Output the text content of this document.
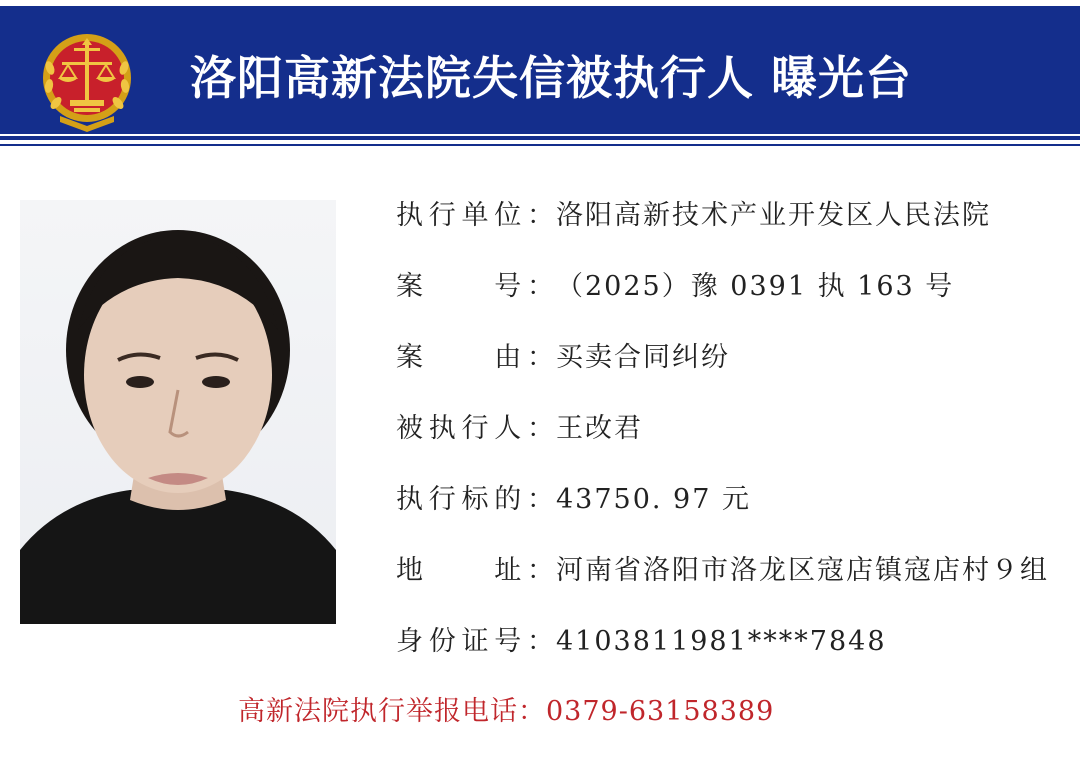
洛阳高新法院失信被执行人 曝光台
执行单位：洛阳高新技术产业开发区人民法院
案　　号：（2025）豫 0391 执 163 号
案　　由：买卖合同纠纷
被执行人：王改君
执行标的：43750. 97 元
地　　址：河南省洛阳市洛龙区寇店镇寇店村９组
身份证号：4103811981****7848
高新法院执行举报电话：0379-63158389
